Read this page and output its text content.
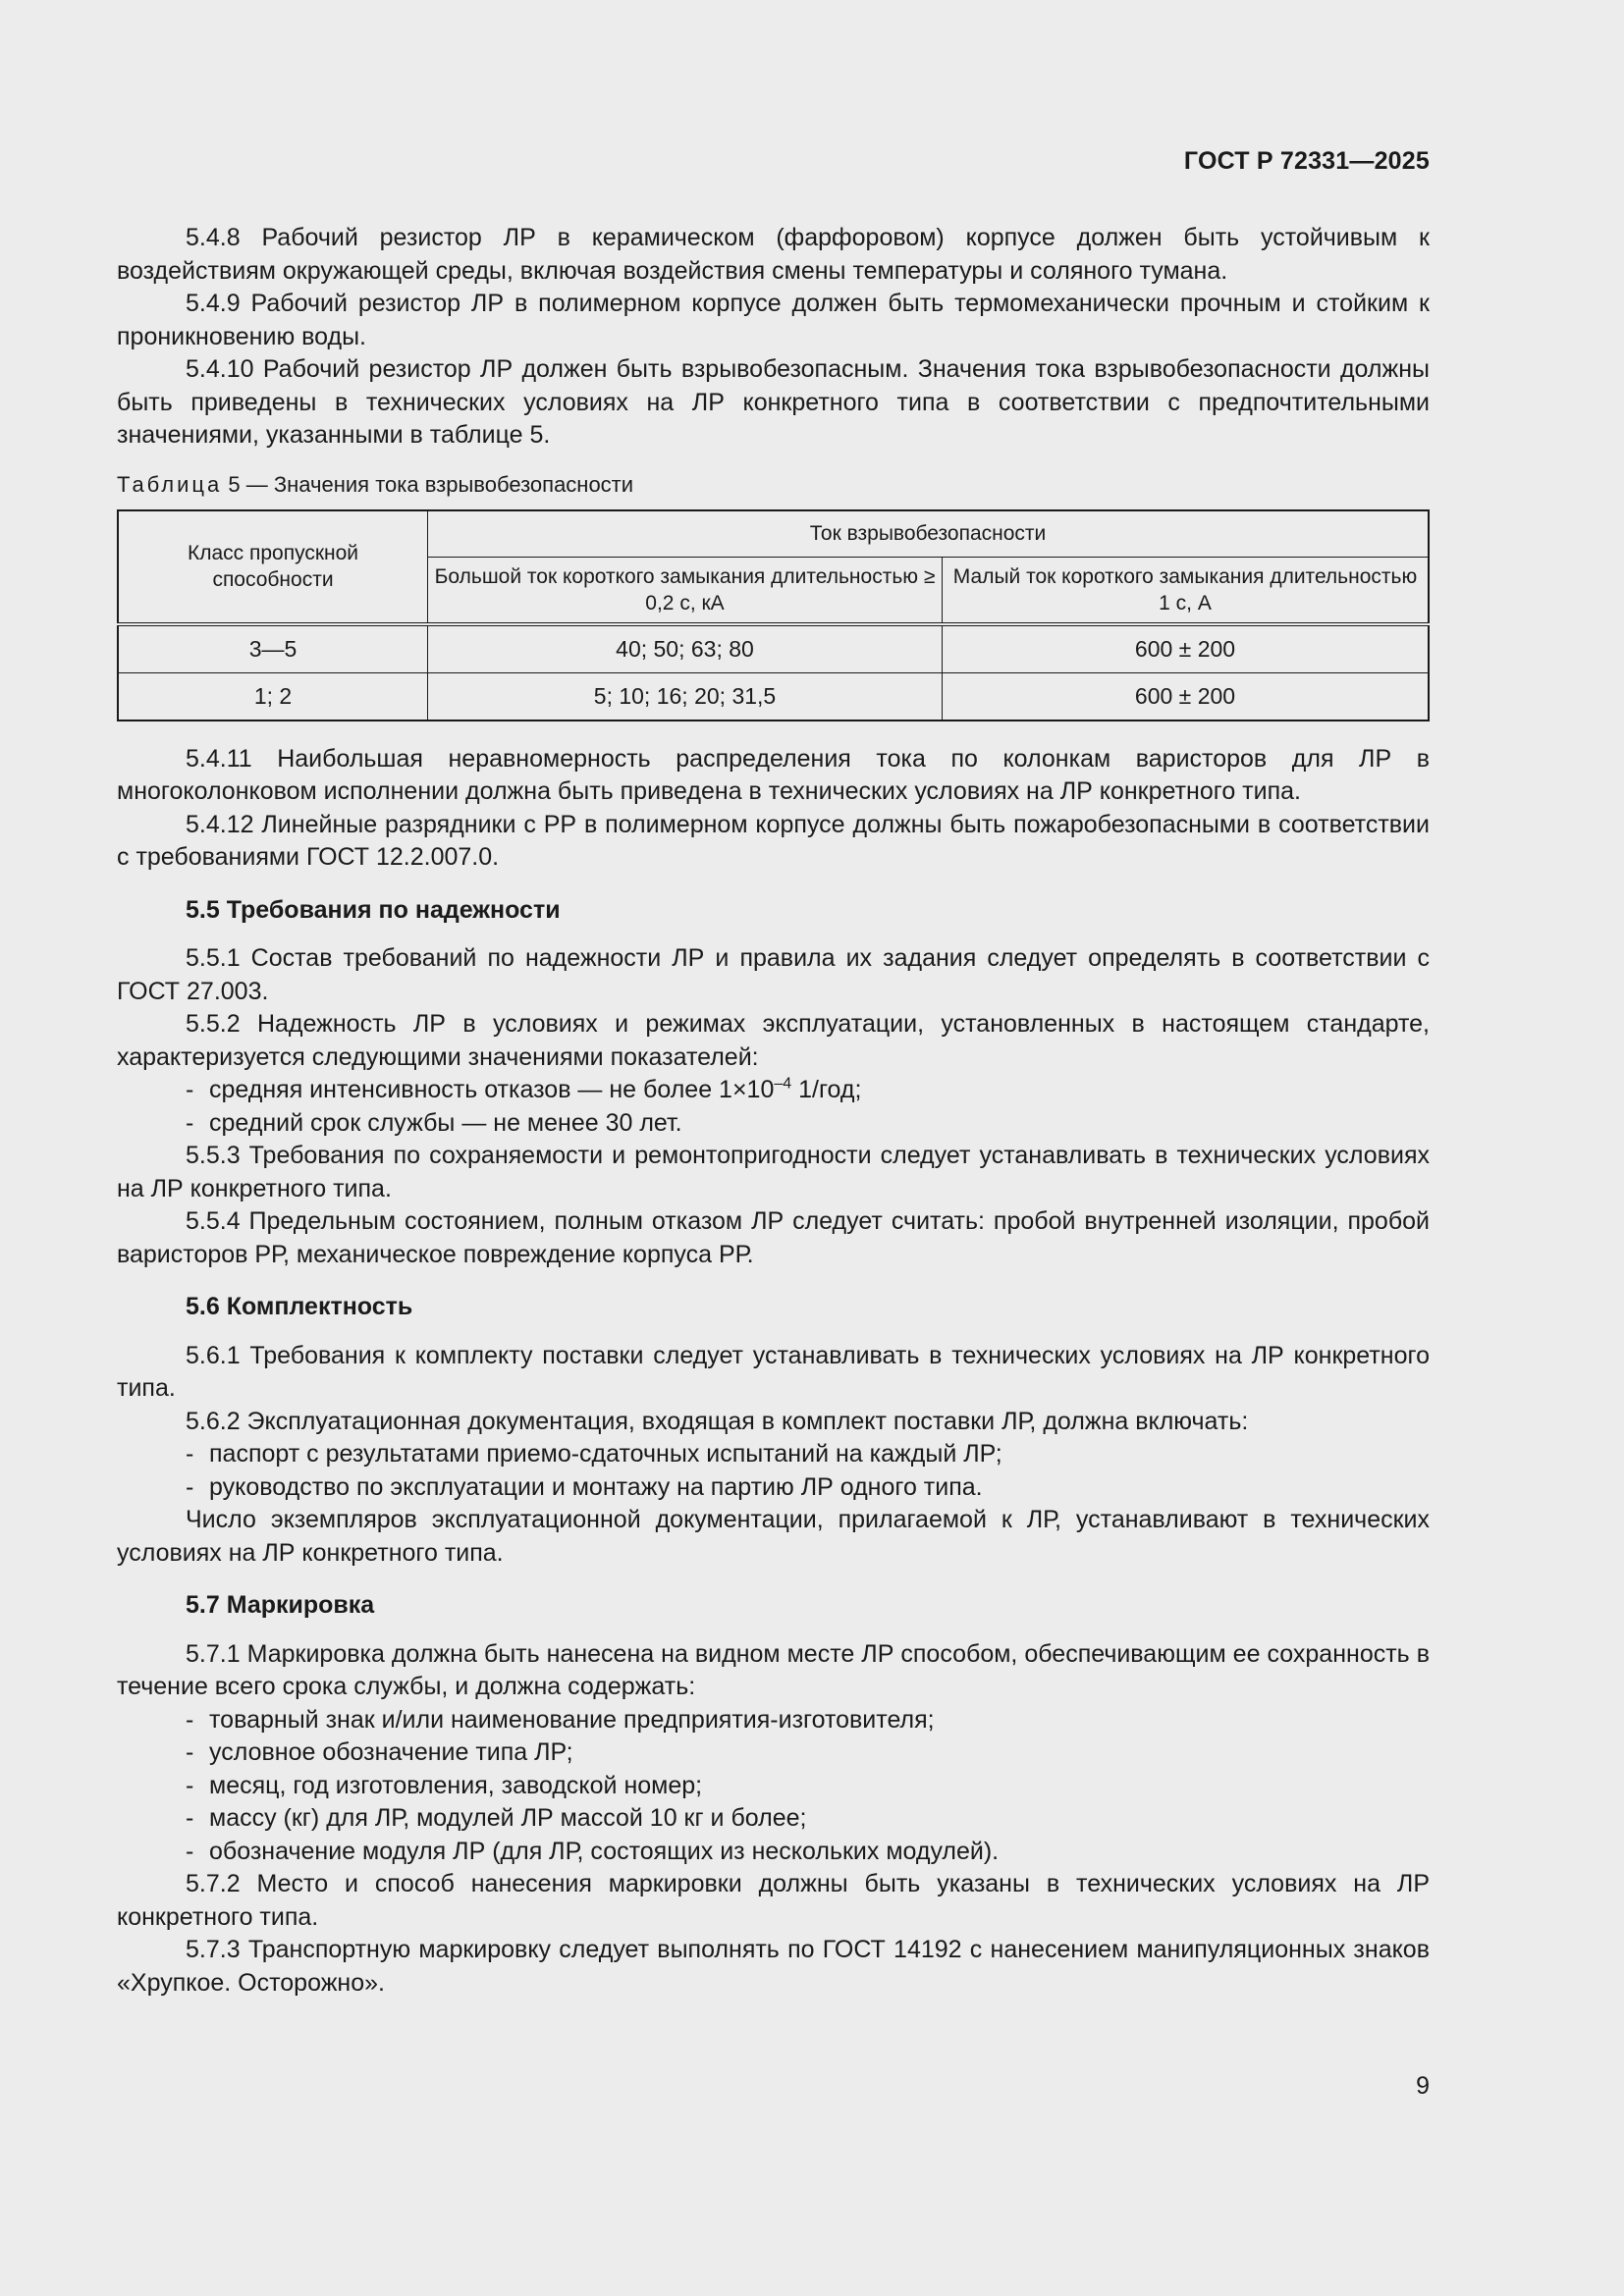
ГОСТ Р 72331—2025

5.4.8 Рабочий резистор ЛР в керамическом (фарфоровом) корпусе должен быть устойчивым к воздействиям окружающей среды, включая воздействия смены температуры и соляного тумана.

5.4.9 Рабочий резистор ЛР в полимерном корпусе должен быть термомеханически прочным и стойким к проникновению воды.

5.4.10 Рабочий резистор ЛР должен быть взрывобезопасным. Значения тока взрывобезопасности должны быть приведены в технических условиях на ЛР конкретного типа в соответствии с предпочтительными значениями, указанными в таблице 5.

Таблица 5 — Значения тока взрывобезопасности
Класс пропускной способности	Ток взрывобезопасности	
	Большой ток короткого замыкания длительностью ≥ 0,2 с, кА	Малый ток короткого замыкания длительностью 1 с, А
3—5	40; 50; 63; 80	600 ± 200
1; 2	5; 10; 16; 20; 31,5	600 ± 200

5.4.11 Наибольшая неравномерность распределения тока по колонкам варисторов для ЛР в многоколонковом исполнении должна быть приведена в технических условиях на ЛР конкретного типа.

5.4.12 Линейные разрядники с РР в полимерном корпусе должны быть пожаробезопасными в соответствии с требованиями ГОСТ 12.2.007.0.

5.5 Требования по надежности

5.5.1 Состав требований по надежности ЛР и правила их задания следует определять в соответствии с ГОСТ 27.003.

5.5.2 Надежность ЛР в условиях и режимах эксплуатации, установленных в настоящем стандарте, характеризуется следующими значениями показателей:

- средняя интенсивность отказов — не более $1\times 10^{-4}$ 1/год;

- средний срок службы — не менее 30 лет.

5.5.3 Требования по сохраняемости и ремонтопригодности следует устанавливать в технических условиях на ЛР конкретного типа.

5.5.4 Предельным состоянием, полным отказом ЛР следует считать: пробой внутренней изоляции, пробой варисторов РР, механическое повреждение корпуса РР.

5.6 Комплектность

5.6.1 Требования к комплекту поставки следует устанавливать в технических условиях на ЛР конкретного типа.

5.6.2 Эксплуатационная документация, входящая в комплект поставки ЛР, должна включать:

- паспорт с результатами приемо-сдаточных испытаний на каждый ЛР;

- руководство по эксплуатации и монтажу на партию ЛР одного типа.

Число экземпляров эксплуатационной документации, прилагаемой к ЛР, устанавливают в технических условиях на ЛР конкретного типа.

5.7 Маркировка

5.7.1 Маркировка должна быть нанесена на видном месте ЛР способом, обеспечивающим ее сохранность в течение всего срока службы, и должна содержать:

- товарный знак и/или наименование предприятия-изготовителя;

- условное обозначение типа ЛР;

- месяц, год изготовления, заводской номер;

- массу (кг) для ЛР, модулей ЛР массой 10 кг и более;

- обозначение модуля ЛР (для ЛР, состоящих из нескольких модулей).

5.7.2 Место и способ нанесения маркировки должны быть указаны в технических условиях на ЛР конкретного типа.

5.7.3 Транспортную маркировку следует выполнять по ГОСТ 14192 с нанесением манипуляционных знаков «Хрупкое. Осторожно».

9
